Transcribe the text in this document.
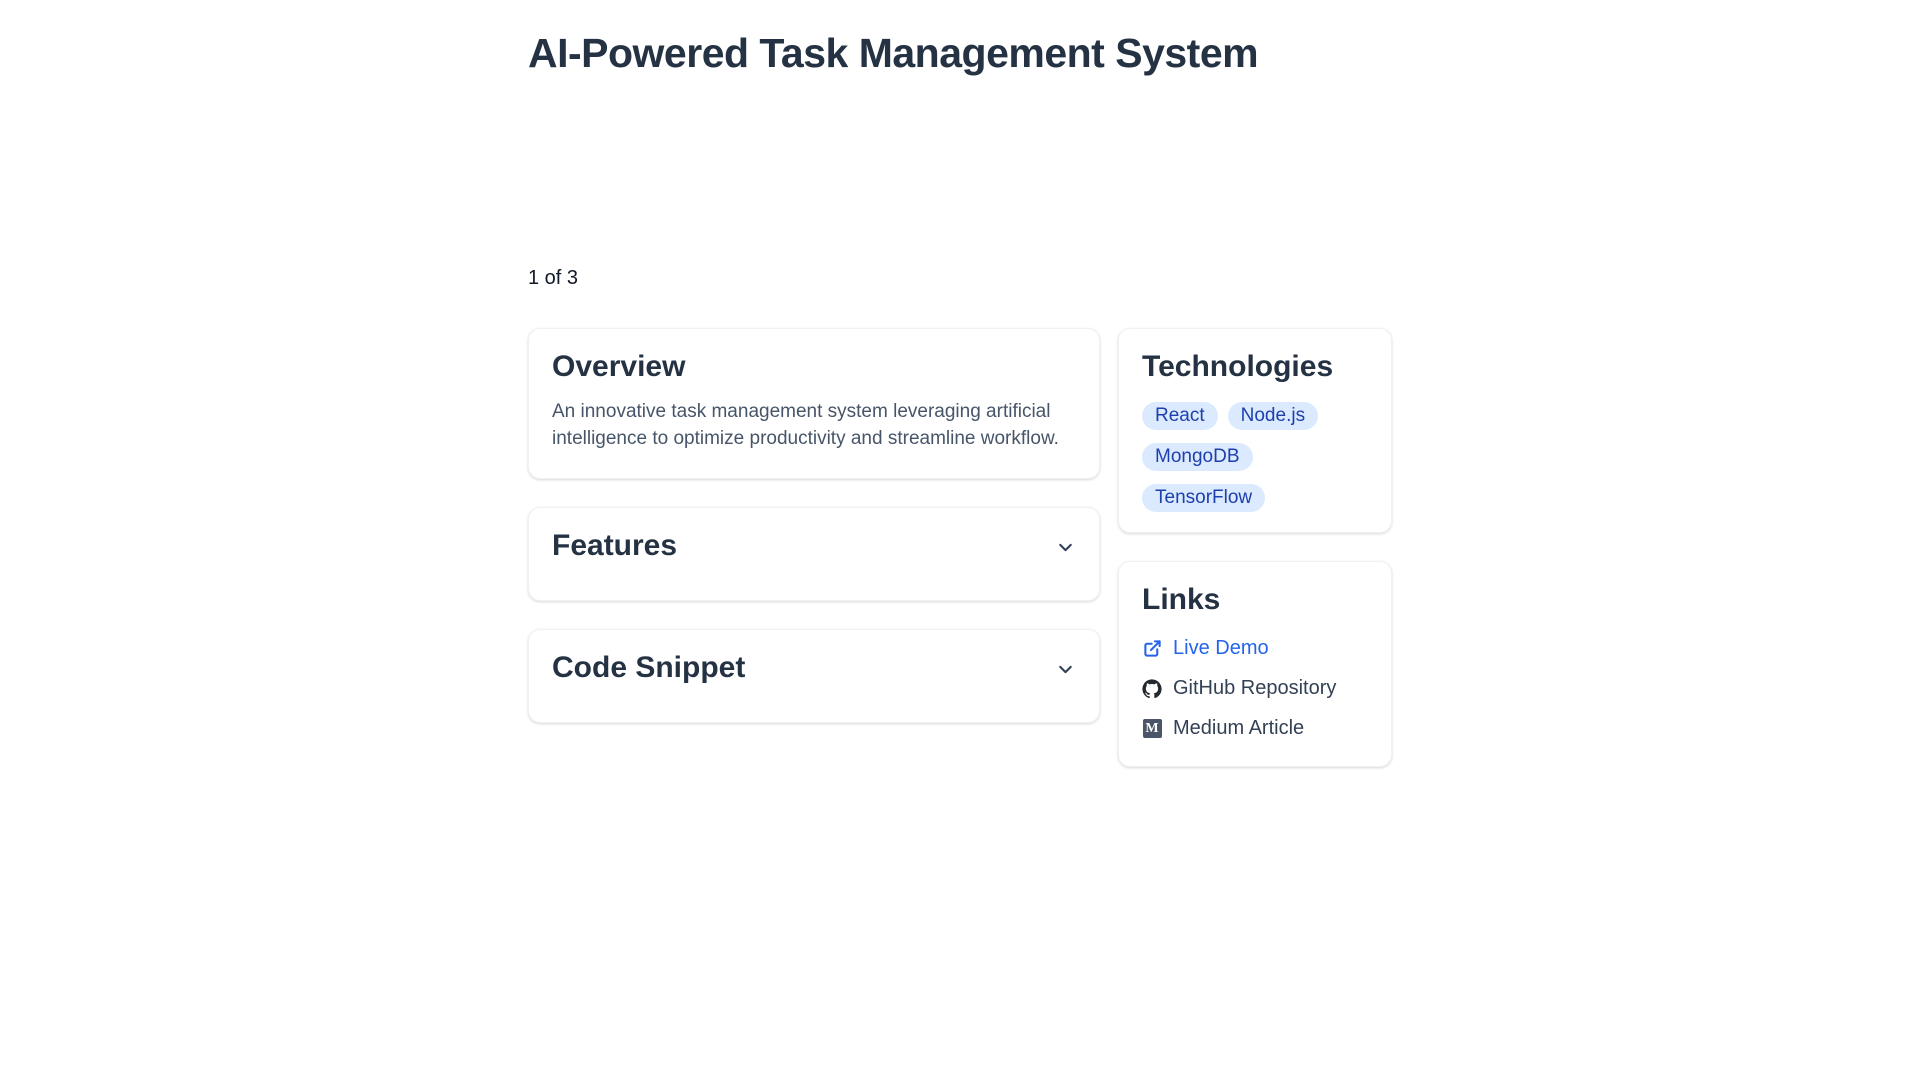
AI-Powered Task Management System
1 of 3
Overview

An innovative task management system leveraging artificial intelligence to optimize productivity and streamline workflow.

Features
Code Snippet
Technologies
React	Node.js
MongoDB
TensorFlow
Links
Live Demo
GitHub Repository
M Medium Article
